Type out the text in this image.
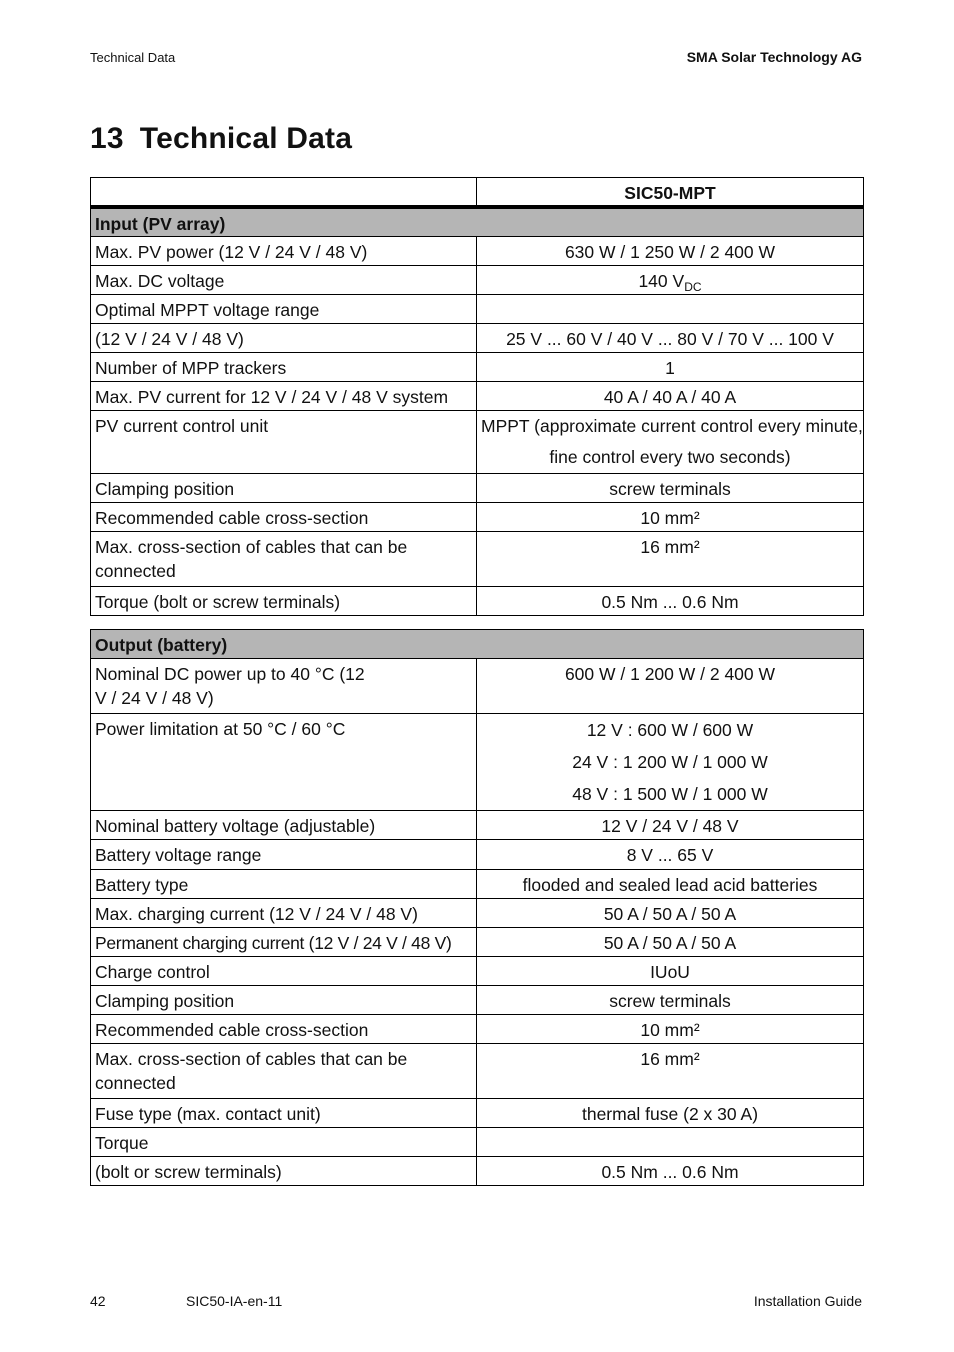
Technical Data	SMA Solar Technology AG
13 Technical Data
	SIC50-MPT
Input (PV array)	
Max. PV power (12 V / 24 V / 48 V)	630 W / 1 250 W / 2 400 W
Max. DC voltage	140 $V_{DC}$
Optimal MPPT voltage range	
(12 V / 24 V / 48 V)	25 V ... 60 V / 40 V ... 80 V / 70 V ... 100 V
Number of MPP trackers	1
Max. PV current for 12 V / 24 V / 48 V system	40 A / 40 A / 40 A
PV current control unit	MPPT (approximate current control every minute,
fine control every two seconds)

Clamping position	screw terminals
Recommended cable cross-section	10 mm²
Max. cross-section of cables that can be connected	16 mm²
Torque (bolt or screw terminals)	0.5 Nm ... 0.6 Nm
Output (battery)	
Nominal DC power up to 40 °C (12 V / 24 V / 48 V)	600 W / 1 200 W / 2 400 W
Power limitation at 50 °C / 60 °C	12 V : 600 W / 600 W
24 V : 1 200 W / 1 000 W
48 V : 1 500 W / 1 000 W

Nominal battery voltage (adjustable)	12 V / 24 V / 48 V
Battery voltage range	8 V ... 65 V
Battery type	flooded and sealed lead acid batteries
Max. charging current (12 V / 24 V / 48 V)	50 A / 50 A / 50 A
Permanent charging current (12 V / 24 V / 48 V)	50 A / 50 A / 50 A
Charge control	IUoU
Clamping position	screw terminals
Recommended cable cross-section	10 mm²
Max. cross-section of cables that can be connected	16 mm²
Fuse type (max. contact unit)	thermal fuse (2 x 30 A)
Torque	
(bolt or screw terminals)	0.5 Nm ... 0.6 Nm
42	SIC50-IA-en-11	Installation Guide
